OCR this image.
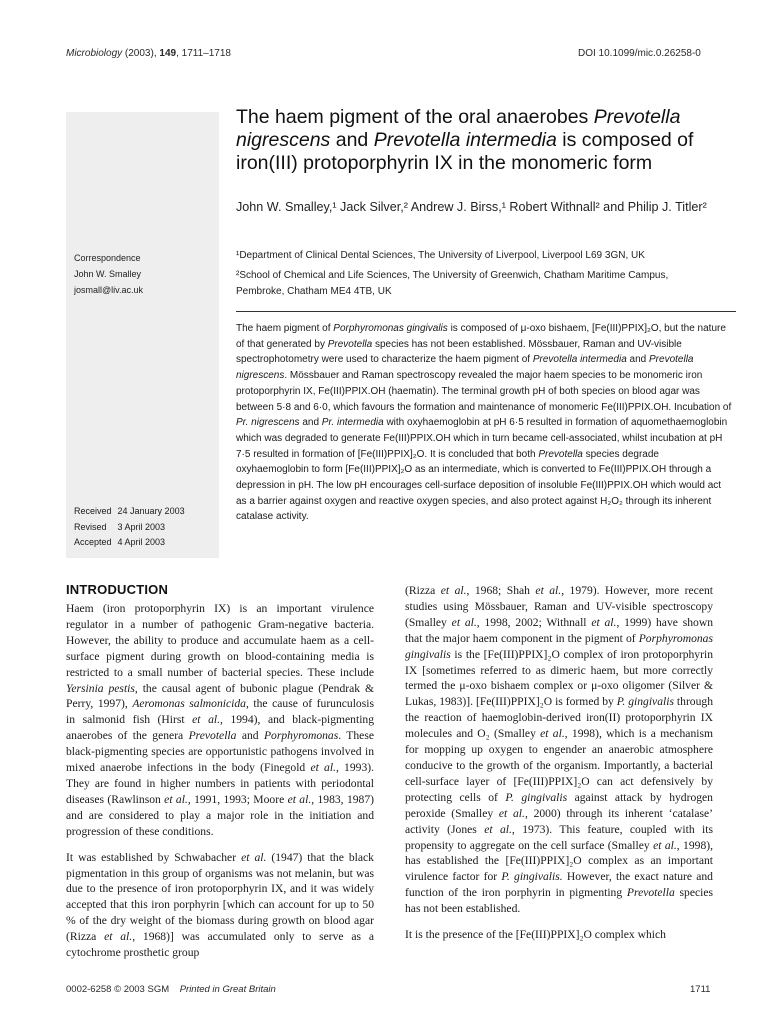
Microbiology (2003), 149, 1711–1718	DOI 10.1099/mic.0.26258-0
The haem pigment of the oral anaerobes Prevotella nigrescens and Prevotella intermedia is composed of iron(III) protoporphyrin IX in the monomeric form
John W. Smalley,¹ Jack Silver,² Andrew J. Birss,¹ Robert Withnall² and Philip J. Titler²
¹Department of Clinical Dental Sciences, The University of Liverpool, Liverpool L69 3GN, UK
²School of Chemical and Life Sciences, The University of Greenwich, Chatham Maritime Campus, Pembroke, Chatham ME4 4TB, UK
Correspondence
John W. Smalley
josmall@liv.ac.uk
The haem pigment of Porphyromonas gingivalis is composed of μ-oxo bishaem, [Fe(III)PPIX]₂O, but the nature of that generated by Prevotella species has not been established. Mössbauer, Raman and UV-visible spectrophotometry were used to characterize the haem pigment of Prevotella intermedia and Prevotella nigrescens. Mössbauer and Raman spectroscopy revealed the major haem species to be monomeric iron protoporphyrin IX, Fe(III)PPIX.OH (haematin). The terminal growth pH of both species on blood agar was between 5·8 and 6·0, which favours the formation and maintenance of monomeric Fe(III)PPIX.OH. Incubation of Pr. nigrescens and Pr. intermedia with oxyhaemoglobin at pH 6·5 resulted in formation of aquomethaemoglobin which was degraded to generate Fe(III)PPIX.OH which in turn became cell-associated, whilst incubation at pH 7·5 resulted in formation of [Fe(III)PPIX]₂O. It is concluded that both Prevotella species degrade oxyhaemoglobin to form [Fe(III)PPIX]₂O as an intermediate, which is converted to Fe(III)PPIX.OH through a depression in pH. The low pH encourages cell-surface deposition of insoluble Fe(III)PPIX.OH which would act as a barrier against oxygen and reactive oxygen species, and also protect against H₂O₂ through its inherent catalase activity.
Received	24 January 2003
Revised	3 April 2003
Accepted	4 April 2003
INTRODUCTION

Haem (iron protoporphyrin IX) is an important virulence regulator in a number of pathogenic Gram-negative bacteria. However, the ability to produce and accumulate haem as a cell-surface pigment during growth on blood-containing media is restricted to a small number of bacterial species. These include Yersinia pestis, the causal agent of bubonic plague (Pendrak & Perry, 1997), Aeromonas salmonicida, the cause of furunculosis in salmonid fish (Hirst et al., 1994), and black-pigmenting anaerobes of the genera Prevotella and Porphyromonas. These black-pigmenting species are opportunistic pathogens involved in mixed anaerobe infections in the body (Finegold et al., 1993). They are found in higher numbers in patients with periodontal diseases (Rawlinson et al., 1991, 1993; Moore et al., 1983, 1987) and are considered to play a major role in the initiation and progression of these conditions.

It was established by Schwabacher et al. (1947) that the black pigmentation in this group of organisms was not melanin, but was due to the presence of iron protoporphyrin IX, and it was widely accepted that this iron porphyrin [which can account for up to 50 % of the dry weight of the biomass during growth on blood agar (Rizza et al., 1968)] was accumulated only to serve as a cytochrome prosthetic group

(Rizza et al., 1968; Shah et al., 1979). However, more recent studies using Mössbauer, Raman and UV-visible spectroscopy (Smalley et al., 1998, 2002; Withnall et al., 1999) have shown that the major haem component in the pigment of Porphyromonas gingivalis is the [Fe(III)PPIX]₂O complex of iron protoporphyrin IX [sometimes referred to as dimeric haem, but more correctly termed the μ-oxo bishaem complex or μ-oxo oligomer (Silver & Lukas, 1983)]. [Fe(III)PPIX]₂O is formed by P. gingivalis through the reaction of haemoglobin-derived iron(II) protoporphyrin IX molecules and O₂ (Smalley et al., 1998), which is a mechanism for mopping up oxygen to engender an anaerobic atmosphere conducive to the growth of the organism. Importantly, a bacterial cell-surface layer of [Fe(III)PPIX]₂O can act defensively by protecting cells of P. gingivalis against attack by hydrogen peroxide (Smalley et al., 2000) through its inherent ‘catalase’ activity (Jones et al., 1973). This feature, coupled with its propensity to aggregate on the cell surface (Smalley et al., 1998), has established the [Fe(III)PPIX]₂O complex as an important virulence factor for P. gingivalis. However, the exact nature and function of the iron porphyrin in pigmenting Prevotella species has not been established.

It is the presence of the [Fe(III)PPIX]₂O complex which

0002-6258 © 2003 SGM Printed in Great Britain	1711
